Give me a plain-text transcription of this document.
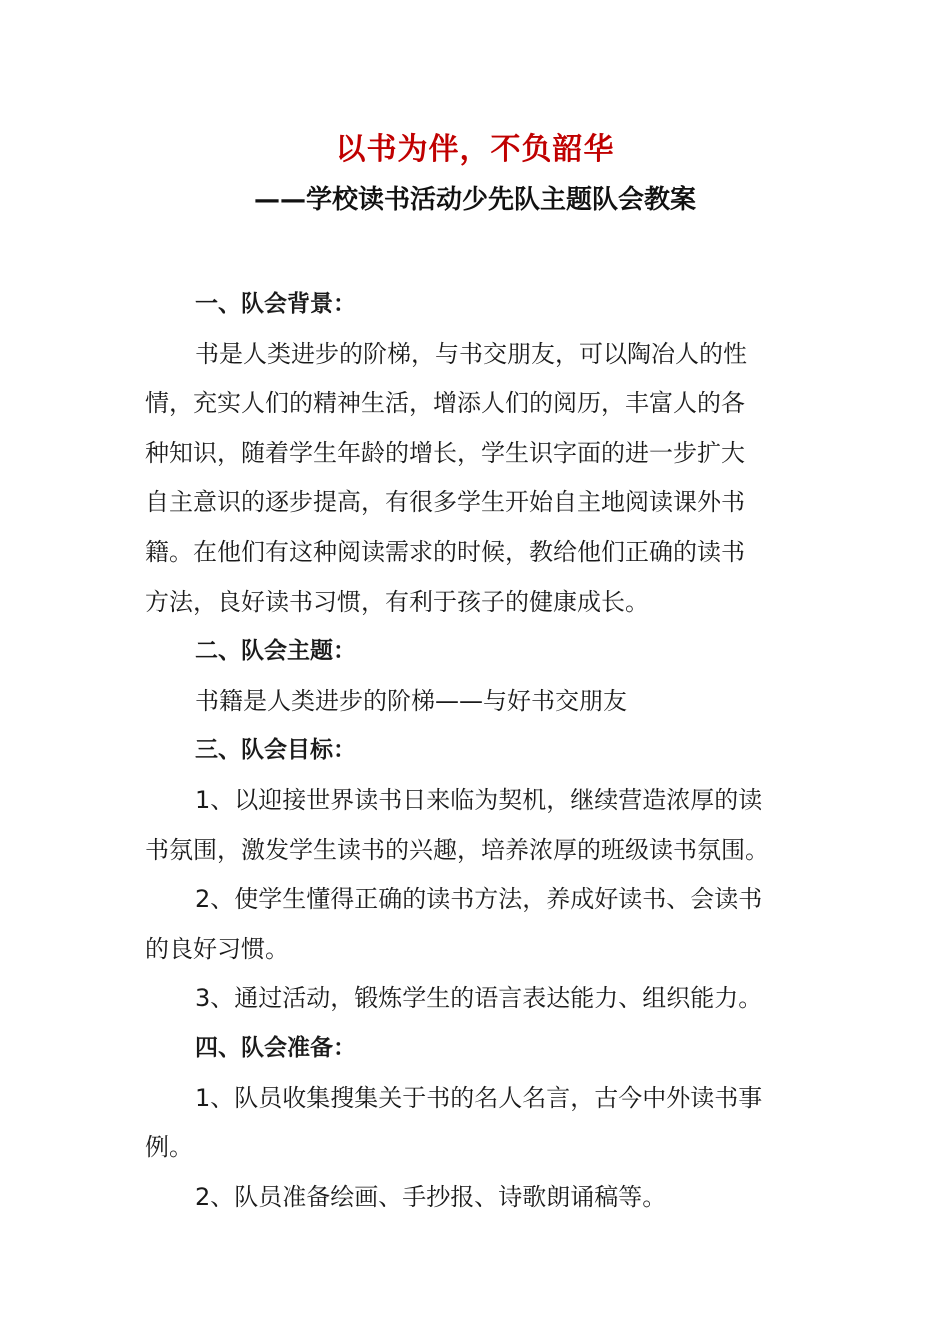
以书为伴，不负韶华
——学校读书活动少先队主题队会教案
一、队会背景：
书是人类进步的阶梯，与书交朋友，可以陶冶人的性
情，充实人们的精神生活，增添人们的阅历，丰富人的各
种知识，随着学生年龄的增长，学生识字面的进一步扩大
自主意识的逐步提高，有很多学生开始自主地阅读课外书
籍。在他们有这种阅读需求的时候，教给他们正确的读书
方法，良好读书习惯，有利于孩子的健康成长。
二、队会主题：
书籍是人类进步的阶梯——与好书交朋友
三、队会目标：
1、以迎接世界读书日来临为契机，继续营造浓厚的读
书氛围，激发学生读书的兴趣，培养浓厚的班级读书氛围。
2、使学生懂得正确的读书方法，养成好读书、会读书
的良好习惯。
3、通过活动，锻炼学生的语言表达能力、组织能力。
四、队会准备：
1、队员收集搜集关于书的名人名言，古今中外读书事
例。
2、队员准备绘画、手抄报、诗歌朗诵稿等。
